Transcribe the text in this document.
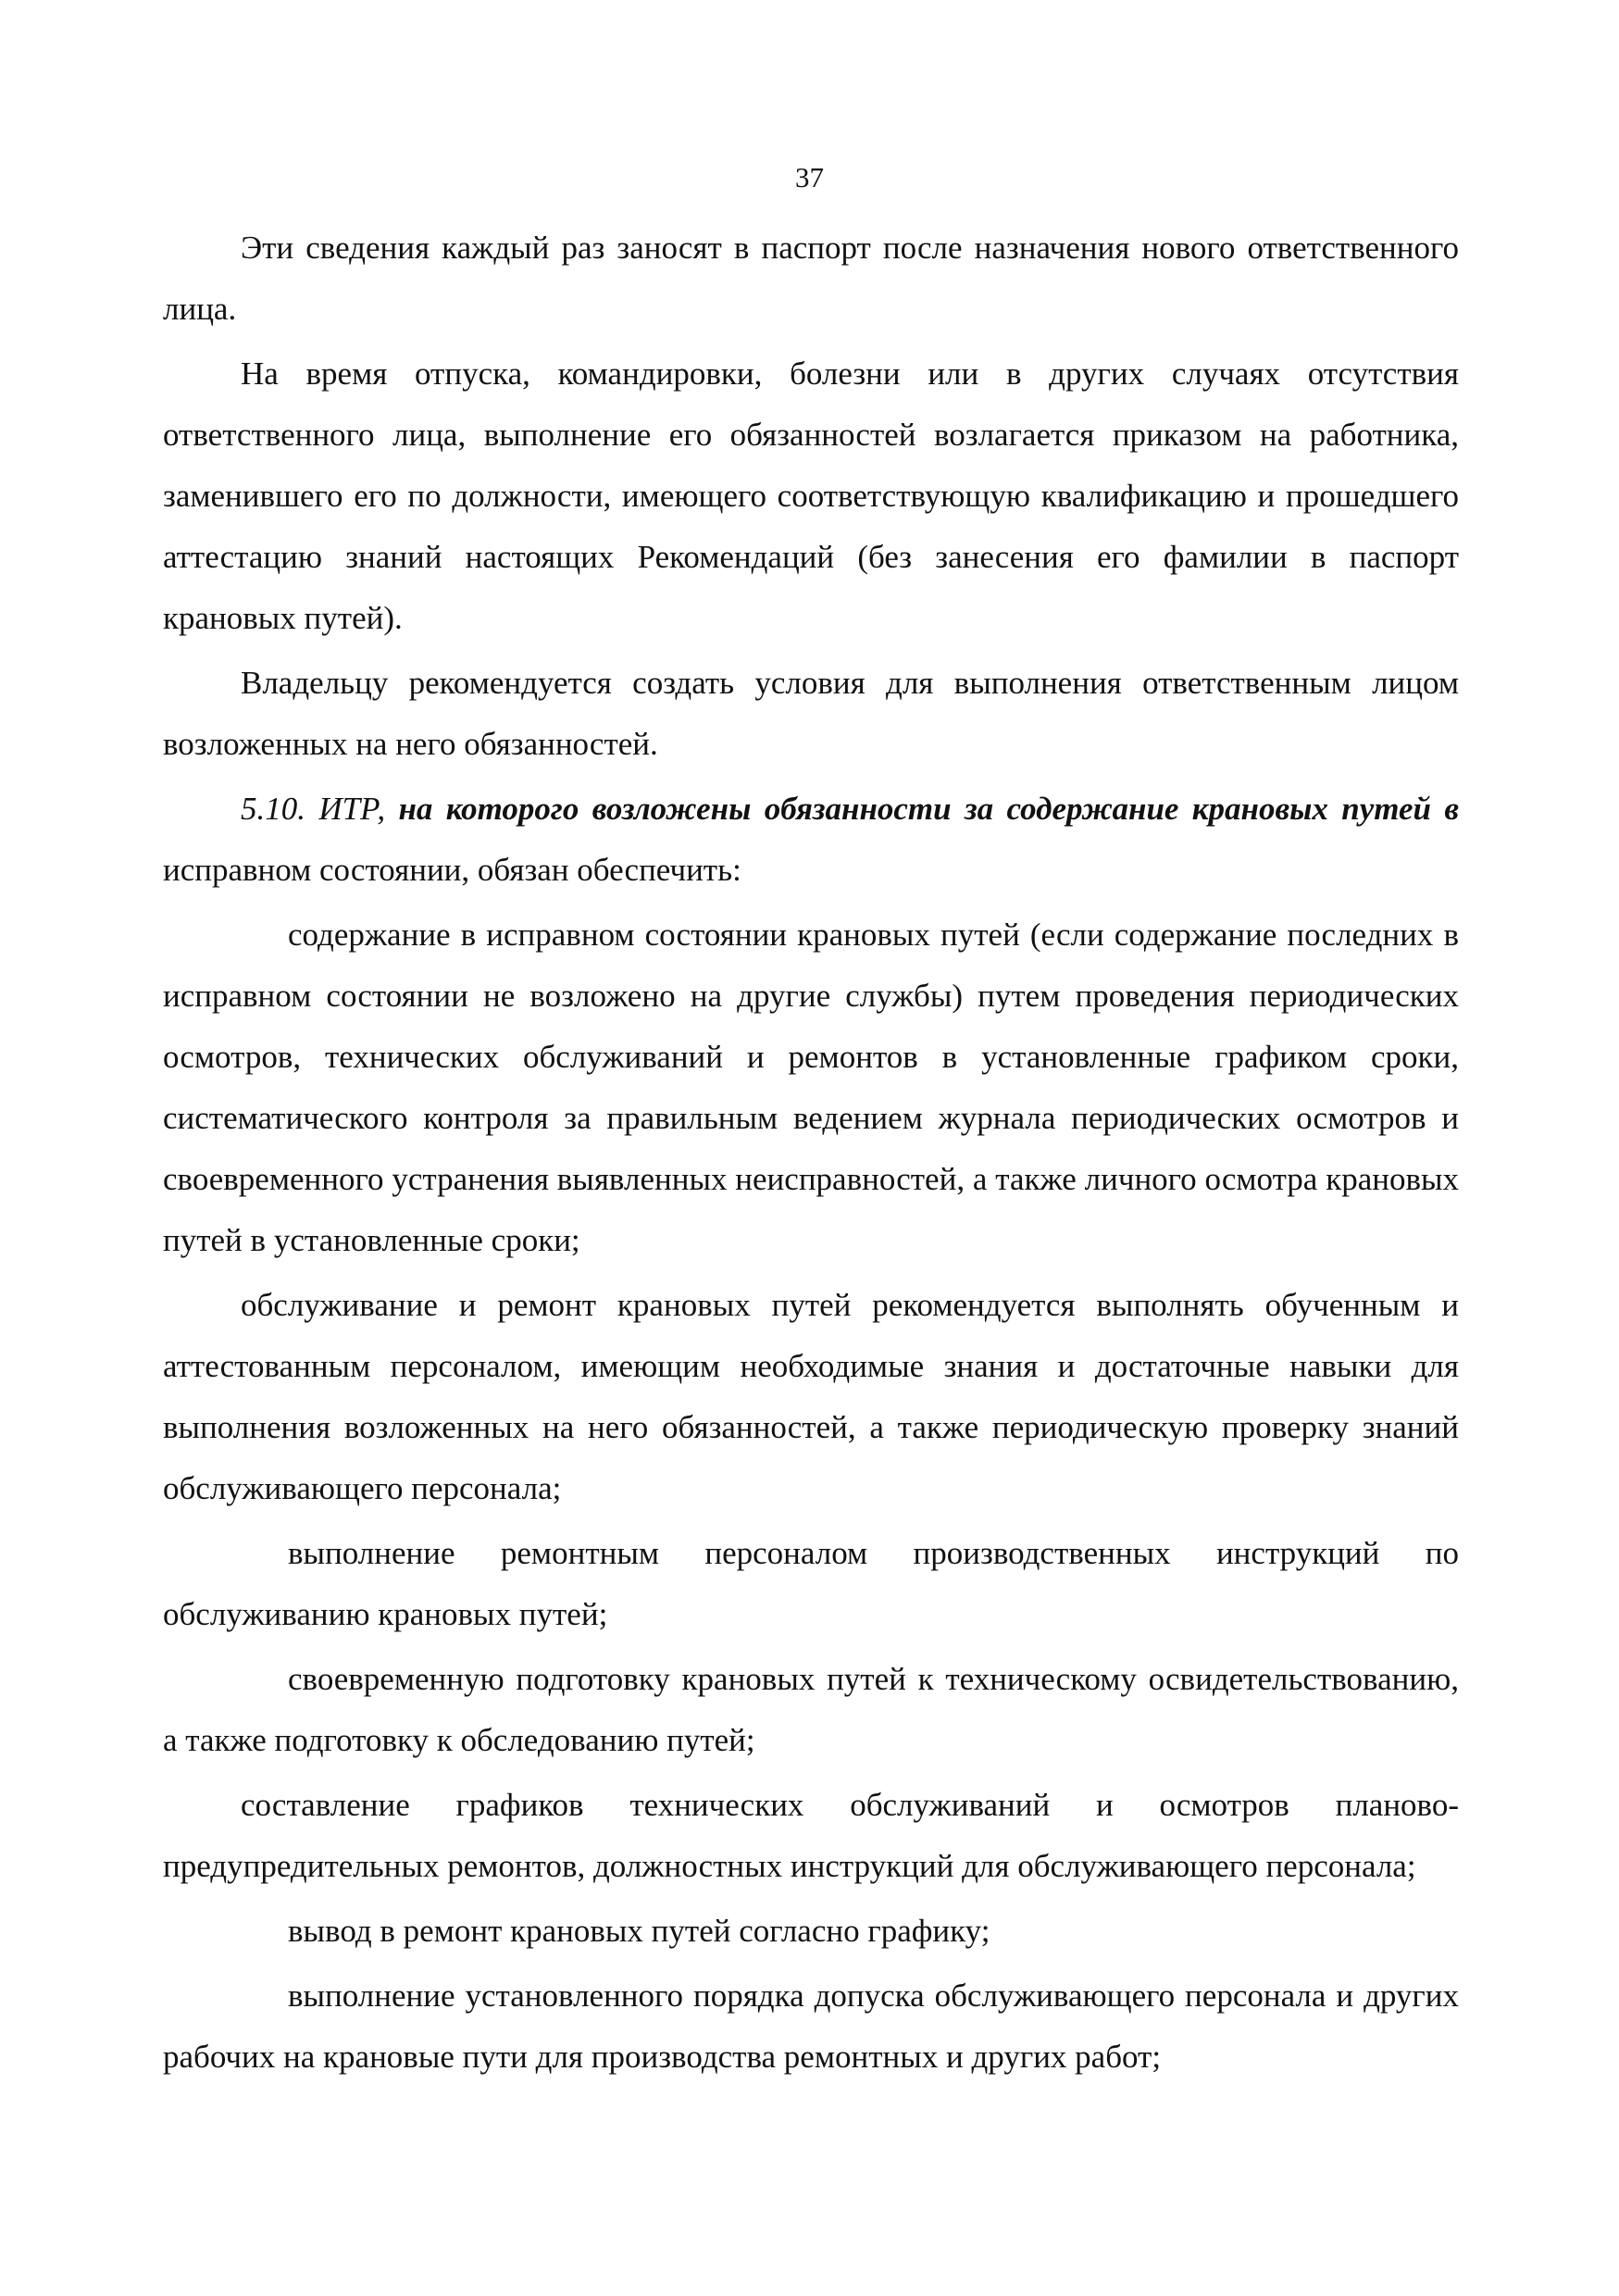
37

Эти сведения каждый раз заносят в паспорт после назначения нового ответственного лица.

На время отпуска, командировки, болезни или в других случаях отсутствия ответственного лица, выполнение его обязанностей возлагается приказом на работника, заменившего его по должности, имеющего соответствующую квалификацию и прошедшего аттестацию знаний настоящих Рекомендаций (без занесения его фамилии в паспорт крановых путей).

Владельцу рекомендуется создать условия для выполнения ответственным лицом возложенных на него обязанностей.

5.10. ИТР, на которого возложены обязанности за содержание крановых путей в исправном состоянии, обязан обеспечить:

содержание в исправном состоянии крановых путей (если содержание последних в исправном состоянии не возложено на другие службы) путем проведения периодических осмотров, технических обслуживаний и ремонтов в установленные графиком сроки, систематического контроля за правильным ведением журнала периодических осмотров и своевременного устранения выявленных неисправностей, а также личного осмотра крановых путей в установленные сроки;

обслуживание и ремонт крановых путей рекомендуется выполнять обученным и аттестованным персоналом, имеющим необходимые знания и достаточные навыки для выполнения возложенных на него обязанностей, а также периодическую проверку знаний обслуживающего персонала;

выполнение ремонтным персоналом производственных инструкций по обслуживанию крановых путей;

своевременную подготовку крановых путей к техническому освидетельствованию, а также подготовку к обследованию путей;

составление графиков технических обслуживаний и осмотров планово-предупредительных ремонтов, должностных инструкций для обслуживающего персонала;

вывод в ремонт крановых путей согласно графику;

выполнение установленного порядка допуска обслуживающего персонала и других рабочих на крановые пути для производства ремонтных и других работ;
